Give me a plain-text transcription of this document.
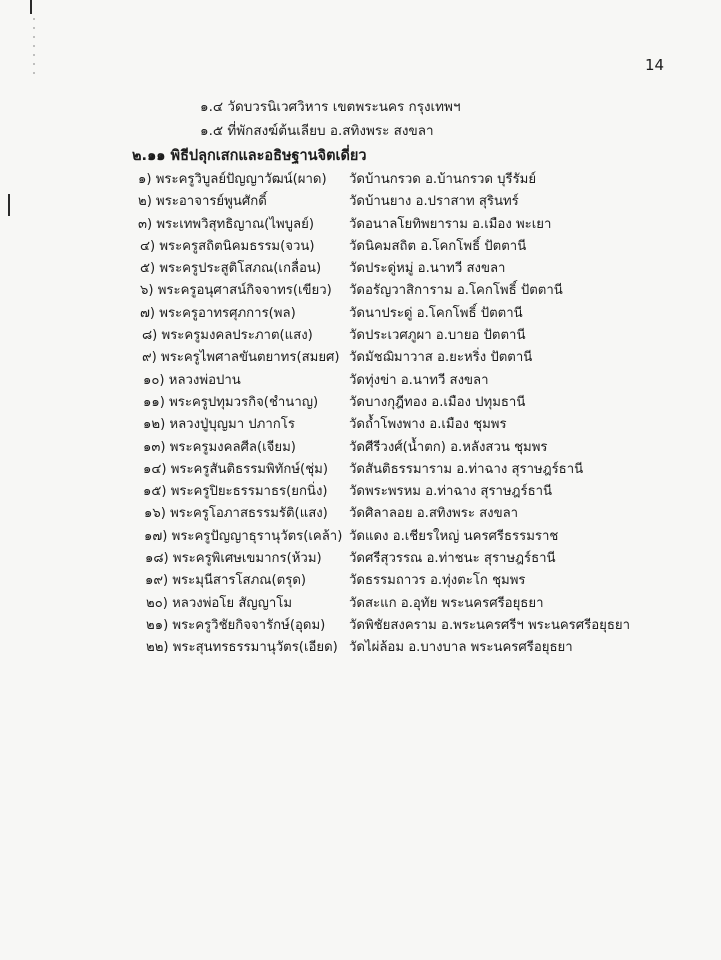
14
๑.๔ วัดบวรนิเวศวิหาร เขตพระนคร กรุงเทพฯ
๑.๕ ที่พักสงฆ์ต้นเลียบ อ.สทิงพระ สงขลา
๒.๑๑ พิธีปลุกเสกและอธิษฐานจิตเดี่ยว
๑) พระครูวิบูลย์ปัญญาวัฒน์(ผาด) วัดบ้านกรวด อ.บ้านกรวด บุรีรัมย์
๒) พระอาจารย์พูนศักดิ์	วัดบ้านยาง อ.ปราสาท สุรินทร์
๓) พระเทพวิสุทธิญาณ(ไพบูลย์)	วัดอนาลโยทิพยาราม อ.เมือง พะเยา
๔) พระครูสถิตนิคมธรรม(จวน)	วัดนิคมสถิต อ.โคกโพธิ์ ปัตตานี
๕) พระครูประสูติโสภณ(เกลื่อน) วัดประดู่หมู่ อ.นาทวี สงขลา
๖) พระครูอนุศาสน์กิจจาทร(เขียว) วัดอรัญวาสิการาม อ.โคกโพธิ์ ปัตตานี
๗) พระครูอาทรศุภการ(พล)	วัดนาประดู่ อ.โคกโพธิ์ ปัตตานี
๘) พระครูมงคลประภาต(แสง)	วัดประเวศภูผา อ.บายอ ปัตตานี
๙) พระครูไพศาลขันตยาทร(สมยศ) วัดมัชฌิมาวาส อ.ยะหริ่ง ปัตตานี
๑๐) หลวงพ่อปาน	วัดทุ่งข่า อ.นาทวี สงขลา
๑๑) พระครูปทุมวรกิจ(ชำนาญ) วัดบางกุฎีทอง อ.เมือง ปทุมธานี
๑๒) หลวงปู่บุญมา ปภากโร	วัดถ้ำโพงพาง อ.เมือง ชุมพร
๑๓) พระครูมงคลศีล(เจียม)	วัดศีรีวงศ์(น้ำตก) อ.หลังสวน ชุมพร
๑๔) พระครูสันติธรรมพิทักษ์(ชุ่ม) วัดสันติธรรมาราม อ.ท่าฉาง สุราษฎร์ธานี
๑๕) พระครูปิยะธรรมาธร(ยกนิ่ง) วัดพระพรหม อ.ท่าฉาง สุราษฎร์ธานี
๑๖) พระครูโอภาสธรรมรัติ(แสง) วัดศิลาลอย อ.สทิงพระ สงขลา
๑๗) พระครูปัญญาธุรานุวัตร(เคล้า) วัดแดง อ.เชียรใหญ่ นครศรีธรรมราช
๑๘) พระครูพิเศษเขมากร(ห้วม) วัดศรีสุวรรณ อ.ท่าชนะ สุราษฎร์ธานี
๑๙) พระมุนีสารโสภณ(ตรุด)	วัดธรรมถาวร อ.ทุ่งตะโก ชุมพร
๒๐) หลวงพ่อโย สัญญาโม	วัดสะแก อ.อุทัย พระนครศรีอยุธยา
๒๑) พระครูวิชัยกิจจารักษ์(อุดม) วัดพิชัยสงคราม อ.พระนครศรีฯ พระนครศรีอยุธยา
๒๒) พระสุนทรธรรมานุวัตร(เอียด) วัดไผ่ล้อม อ.บางบาล พระนครศรีอยุธยา
